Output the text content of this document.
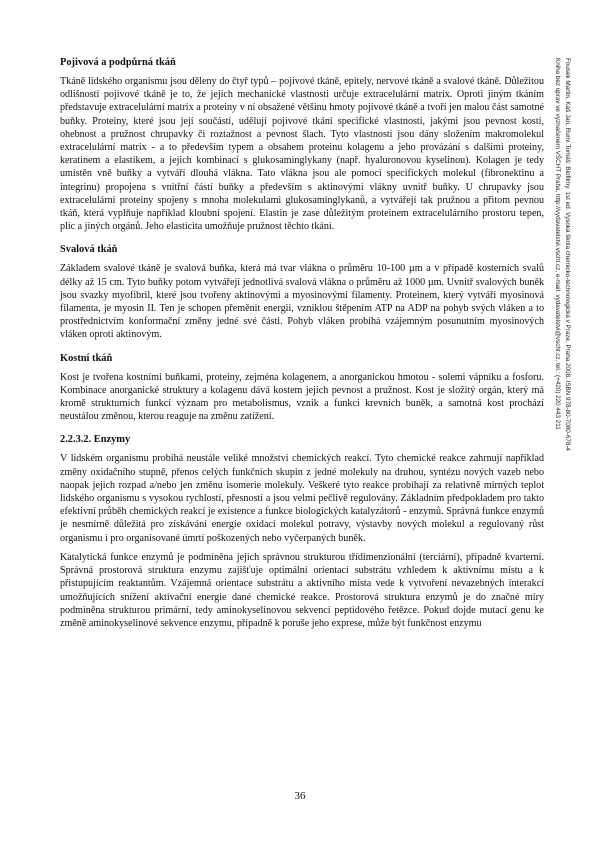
Fousek Martin, Káš Jan, Rumí Tomáš: Biofilmy. 1st ed. Vysoká škola chemicko-technologická v Praze, Praha 2008, ISBN 978-80-7080-678-4
Kniha bez úprav ve vyznačeném VŠCHT Praha, http://vydavatelstvi.vscht.cz, e-mail: vydavatelstvi@vscht.cz, tel.: (+420) 220 443 211
Pojivová a podpůrná tkáň

Tkáně lidského organismu jsou děleny do čtyř typů – pojivové tkáně, epitely, nervové tkáně a svalové tkáně. Důležitou odlišností pojivové tkáně je to, že jejich mechanické vlastnosti určuje extracelulární matrix. Oproti jiným tkáním představuje extracelulární matrix a proteiny v ní obsažené většinu hmoty pojivové tkáně a tvoří jen malou část samotné buňky. Proteiny, které jsou její součástí, udělují pojivové tkáni specifické vlastnosti, jakými jsou pevnost kostí, ohebnost a pružnost chrupavky či roztažnost a pevnost šlach. Tyto vlastnosti jsou dány složením makromolekul extracelulární matrix - a to především typem a obsahem proteinu kolagenu a jeho provázání s dalšími proteiny, keratinem a elastikem, a jejich kombinací s glukosaminglykany (např. hyaluronovou kyselinou). Kolagen je tedy umístěn vně buňky a vytváří dlouhá vlákna. Tato vlákna jsou ale pomocí specifických molekul (fibronektinu a integrinu) propojena s vnitřní částí buňky a především s aktinovými vlákny uvnitř buňky. U chrupavky jsou extracelulární proteiny spojeny s mnoha molekulami glukosaminglykanů, a vytvářejí tak pružnou a přitom pevnou tkáň, která vyplňuje například kloubní spojení. Elastin je zase důležitým proteinem extracelulárního prostoru tepen, plic a jiných orgánů. Jeho elasticita umožňuje pružnost těchto tkání.

Svalová tkáň

Základem svalové tkáně je svalová buňka, která má tvar vlákna o průměru 10-100 µm a v případě kosterních svalů délky až 15 cm. Tyto buňky potom vytvářejí jednotlivá svalová vlákna o průměru až 1000 µm. Uvnitř svalových buněk jsou svazky myofibril, které jsou tvořeny aktinovými a myosinovými filamenty. Proteinem, který vytváří myosinová filamenta, je myosin II. Ten je schopen přeměnit energii, vzniklou štěpením ATP na ADP na pohyb svých vláken a to prostřednictvím konformační změny jedné své části. Pohyb vláken probíhá vzájemným posunutním myosinových vláken oproti aktinovým.

Kostní tkáň

Kost je tvořena kostními buňkami, proteiny, zejména kolagenem, a anorganickou hmotou - solemi vápníku a fosforu. Kombinace anorganické struktury a kolagenu dává kostem jejich pevnost a pružnost. Kost je složitý orgán, který má kromě strukturních funkcí význam pro metabolismus, vznik a funkci krevních buněk, a samotná kost prochází neustálou změnou, kterou reaguje na změnu zatížení.

2.2.3.2. Enzymy

V lidském organismu probíhá neustále veliké množství chemických reakcí. Tyto chemické reakce zahrnují například změny oxidačního stupně, přenos celých funkčních skupin z jedné molekuly na druhou, syntézu nových vazeb nebo naopak jejich rozpad a/nebo jen změnu isomerie molekuly. Veškeré tyto reakce probíhají za relativně mírných teplot lidského organismu s vysokou rychlostí, přesností a jsou velmi pečlivě regulovány. Základním předpokladem pro takto efektivní průběh chemických reakcí je existence a funkce biologických katalyzátorů - enzymů. Správná funkce enzymů je nesmírně důležitá pro získávání energie oxidací molekul potravy, výstavby nových molekul a regulovaný růst organismu i pro organisované úmrtí poškozených nebo vyčerpaných buněk.

Katalytická funkce enzymů je podmíněna jejich správnou strukturou třídimenzionální (terciární), případně kvarterní. Správná prostorová struktura enzymu zajišťuje optimální orientaci substrátu vzhledem k aktivnímu místu a k přistupujícím reaktantům. Vzájemná orientace substrátu a aktivního místa vede k vytvoření nevazebných interakcí umožňujících snížení aktivační energie dané chemické reakce. Prostorová struktura enzymů je do značné míry podmíněna strukturou primární, tedy aminokyselinovou sekvencí peptidového řetězce. Pokud dojde mutací genu ke změně aminokyselinové sekvence enzymu, případně k poruše jeho exprese, může být funkčnost enzymu

36
